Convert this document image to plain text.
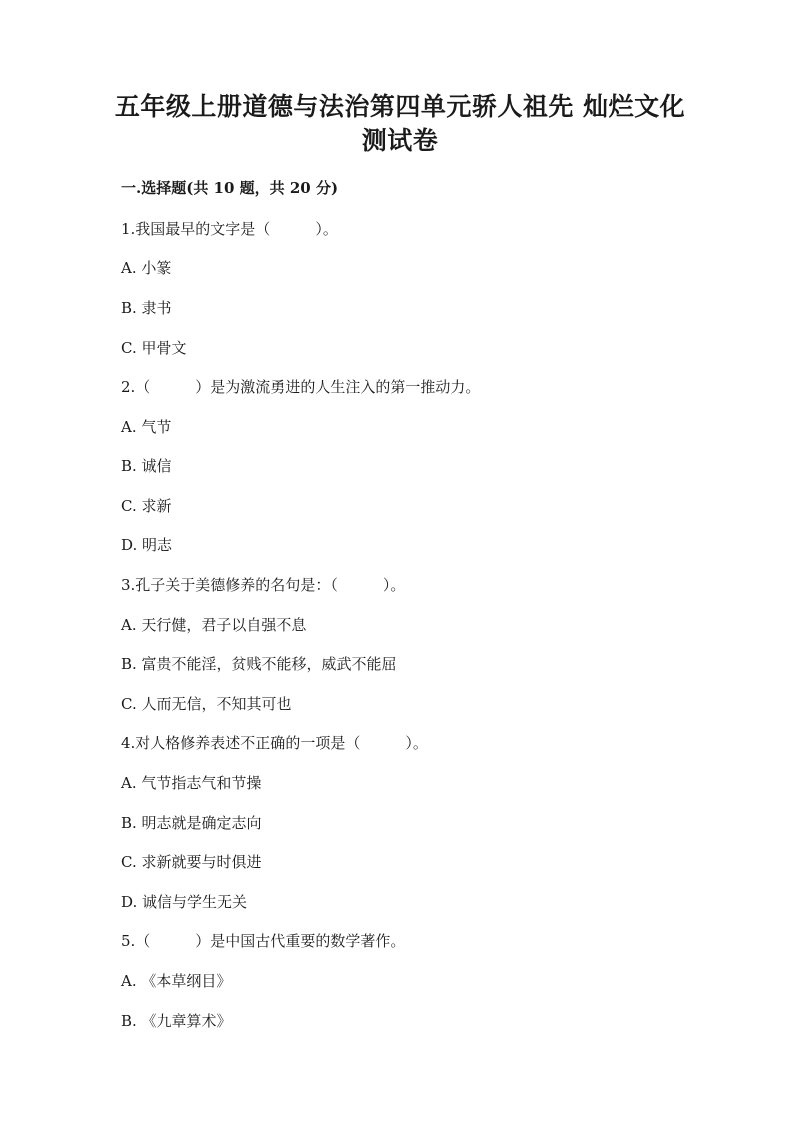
五年级上册道德与法治第四单元骄人祖先 灿烂文化
测试卷
一.选择题(共 10 题，共 20 分)
1.我国最早的文字是（　　　）。
A. 小篆
B. 隶书
C. 甲骨文
2.（　　　）是为激流勇进的人生注入的第一推动力。
A. 气节
B. 诚信
C. 求新
D. 明志
3.孔子关于美德修养的名句是：（　　　）。
A. 天行健，君子以自强不息
B. 富贵不能淫，贫贱不能移，威武不能屈
C. 人而无信，不知其可也
4.对人格修养表述不正确的一项是（　　　）。
A. 气节指志气和节操
B. 明志就是确定志向
C. 求新就要与时俱进
D. 诚信与学生无关
5.（　　　）是中国古代重要的数学著作。
A. 《本草纲目》
B. 《九章算术》
